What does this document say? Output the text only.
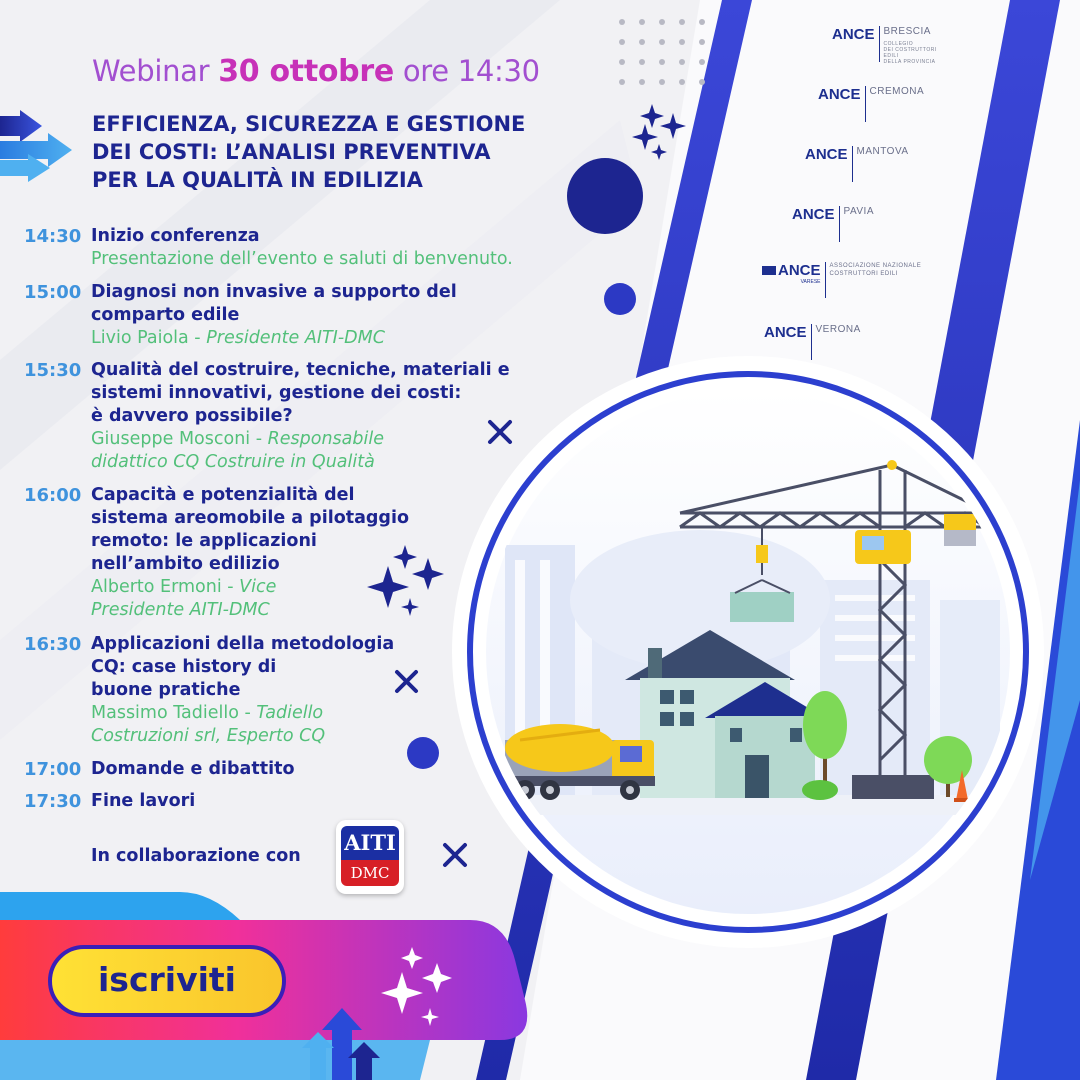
Webinar 30 ottobre ore 14:30
EFFICIENZA, SICUREZZA E GESTIONE
DEI COSTI: L’ANALISI PREVENTIVA
PER LA QUALITÀ IN EDILIZIA
14:30 Inizio conferenza
Presentazione dell’evento e saluti di benvenuto.
15:00 Diagnosi non invasive a supporto del
comparto edile
Livio Paiola - Presidente AITI-DMC
15:30 Qualità del costruire, tecniche, materiali e
sistemi innovativi, gestione dei costi:
è davvero possibile?
Giuseppe Mosconi - Responsabile
didattico CQ Costruire in Qualità
16:00 Capacità e potenzialità del
sistema areomobile a pilotaggio
remoto: le applicazioni
nell’ambito edilizio
Alberto Ermoni - Vice
Presidente AITI-DMC
16:30 Applicazioni della metodologia
CQ: case history di
buone pratiche
Massimo Tadiello - Tadiello
Costruzioni srl, Esperto CQ
17:00 Domande e dibattito
17:30 Fine lavori
In collaborazione con
AITI
DMC
iscriviti
ANCE BRESCIA
COLLEGIO
DEI COSTRUTTORI
EDILI
DELLA PROVINCIA
ANCE CREMONA
ANCE MANTOVA
ANCE PAVIA
ANCE
VARESE
ASSOCIAZIONE NAZIONALE
COSTRUTTORI EDILI
ANCE VERONA
